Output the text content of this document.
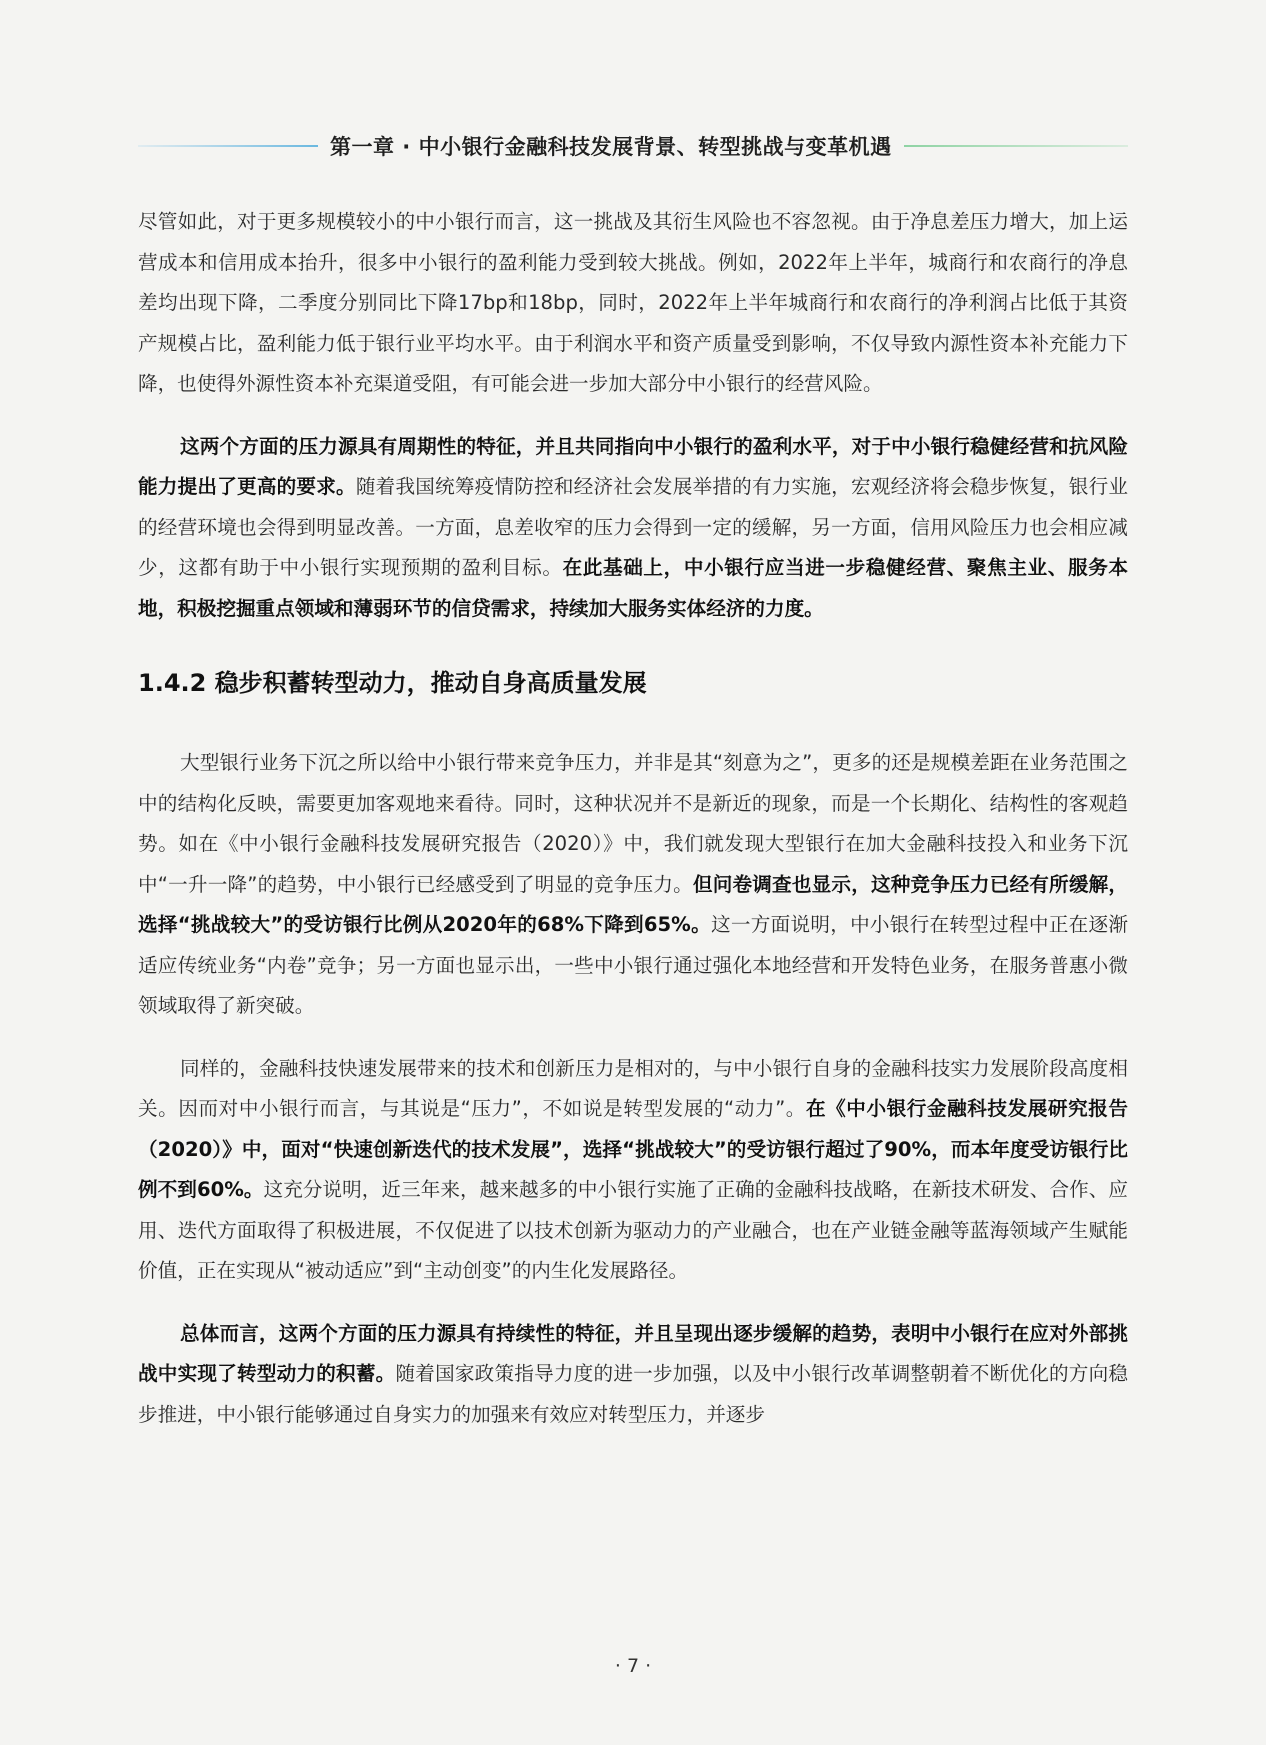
第一章 · 中小银行金融科技发展背景、转型挑战与变革机遇

尽管如此，对于更多规模较小的中小银行而言，这一挑战及其衍生风险也不容忽视。由于净息差压力增大，加上运营成本和信用成本抬升，很多中小银行的盈利能力受到较大挑战。例如，2022年上半年，城商行和农商行的净息差均出现下降，二季度分别同比下降17bp和18bp，同时，2022年上半年城商行和农商行的净利润占比低于其资产规模占比，盈利能力低于银行业平均水平。由于利润水平和资产质量受到影响，不仅导致内源性资本补充能力下降，也使得外源性资本补充渠道受阻，有可能会进一步加大部分中小银行的经营风险。

这两个方面的压力源具有周期性的特征，并且共同指向中小银行的盈利水平，对于中小银行稳健经营和抗风险能力提出了更高的要求。随着我国统筹疫情防控和经济社会发展举措的有力实施，宏观经济将会稳步恢复，银行业的经营环境也会得到明显改善。一方面，息差收窄的压力会得到一定的缓解，另一方面，信用风险压力也会相应减少，这都有助于中小银行实现预期的盈利目标。在此基础上，中小银行应当进一步稳健经营、聚焦主业、服务本地，积极挖掘重点领域和薄弱环节的信贷需求，持续加大服务实体经济的力度。

1.4.2 稳步积蓄转型动力，推动自身高质量发展

大型银行业务下沉之所以给中小银行带来竞争压力，并非是其“刻意为之”，更多的还是规模差距在业务范围之中的结构化反映，需要更加客观地来看待。同时，这种状况并不是新近的现象，而是一个长期化、结构性的客观趋势。如在《中小银行金融科技发展研究报告（2020）》中，我们就发现大型银行在加大金融科技投入和业务下沉中“一升一降”的趋势，中小银行已经感受到了明显的竞争压力。但问卷调查也显示，这种竞争压力已经有所缓解，选择“挑战较大”的受访银行比例从2020年的68%下降到65%。这一方面说明，中小银行在转型过程中正在逐渐适应传统业务“内卷”竞争；另一方面也显示出，一些中小银行通过强化本地经营和开发特色业务，在服务普惠小微领域取得了新突破。

同样的，金融科技快速发展带来的技术和创新压力是相对的，与中小银行自身的金融科技实力发展阶段高度相关。因而对中小银行而言，与其说是“压力”，不如说是转型发展的“动力”。在《中小银行金融科技发展研究报告（2020）》中，面对“快速创新迭代的技术发展”，选择“挑战较大”的受访银行超过了90%，而本年度受访银行比例不到60%。这充分说明，近三年来，越来越多的中小银行实施了正确的金融科技战略，在新技术研发、合作、应用、迭代方面取得了积极进展，不仅促进了以技术创新为驱动力的产业融合，也在产业链金融等蓝海领域产生赋能价值，正在实现从“被动适应”到“主动创变”的内生化发展路径。

总体而言，这两个方面的压力源具有持续性的特征，并且呈现出逐步缓解的趋势，表明中小银行在应对外部挑战中实现了转型动力的积蓄。随着国家政策指导力度的进一步加强，以及中小银行改革调整朝着不断优化的方向稳步推进，中小银行能够通过自身实力的加强来有效应对转型压力，并逐步

· 7 ·
